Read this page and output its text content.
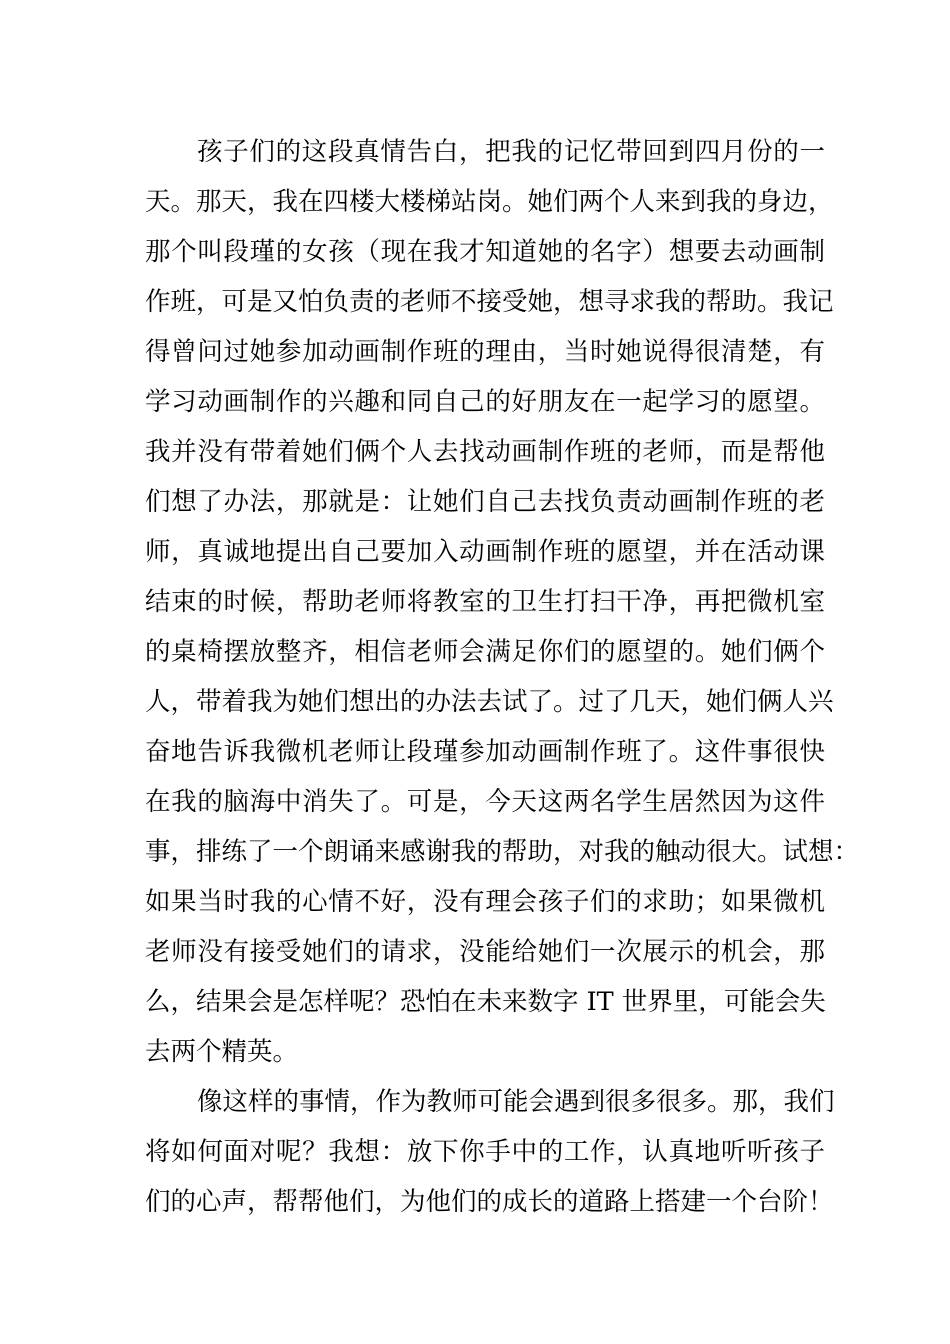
孩子们的这段真情告白，把我的记忆带回到四月份的一
天。那天，我在四楼大楼梯站岗。她们两个人来到我的身边，
那个叫段瑾的女孩（现在我才知道她的名字）想要去动画制
作班，可是又怕负责的老师不接受她，想寻求我的帮助。我记
得曾问过她参加动画制作班的理由，当时她说得很清楚，有
学习动画制作的兴趣和同自己的好朋友在一起学习的愿望。
我并没有带着她们俩个人去找动画制作班的老师，而是帮他
们想了办法，那就是：让她们自己去找负责动画制作班的老
师，真诚地提出自己要加入动画制作班的愿望，并在活动课
结束的时候，帮助老师将教室的卫生打扫干净，再把微机室
的桌椅摆放整齐，相信老师会满足你们的愿望的。她们俩个
人，带着我为她们想出的办法去试了。过了几天，她们俩人兴
奋地告诉我微机老师让段瑾参加动画制作班了。这件事很快
在我的脑海中消失了。可是，今天这两名学生居然因为这件
事，排练了一个朗诵来感谢我的帮助，对我的触动很大。试想：
如果当时我的心情不好，没有理会孩子们的求助；如果微机
老师没有接受她们的请求，没能给她们一次展示的机会，那
么，结果会是怎样呢？恐怕在未来数字 IT 世界里，可能会失
去两个精英。
像这样的事情，作为教师可能会遇到很多很多。那，我们
将如何面对呢？我想：放下你手中的工作，认真地听听孩子
们的心声，帮帮他们，为他们的成长的道路上搭建一个台阶！
